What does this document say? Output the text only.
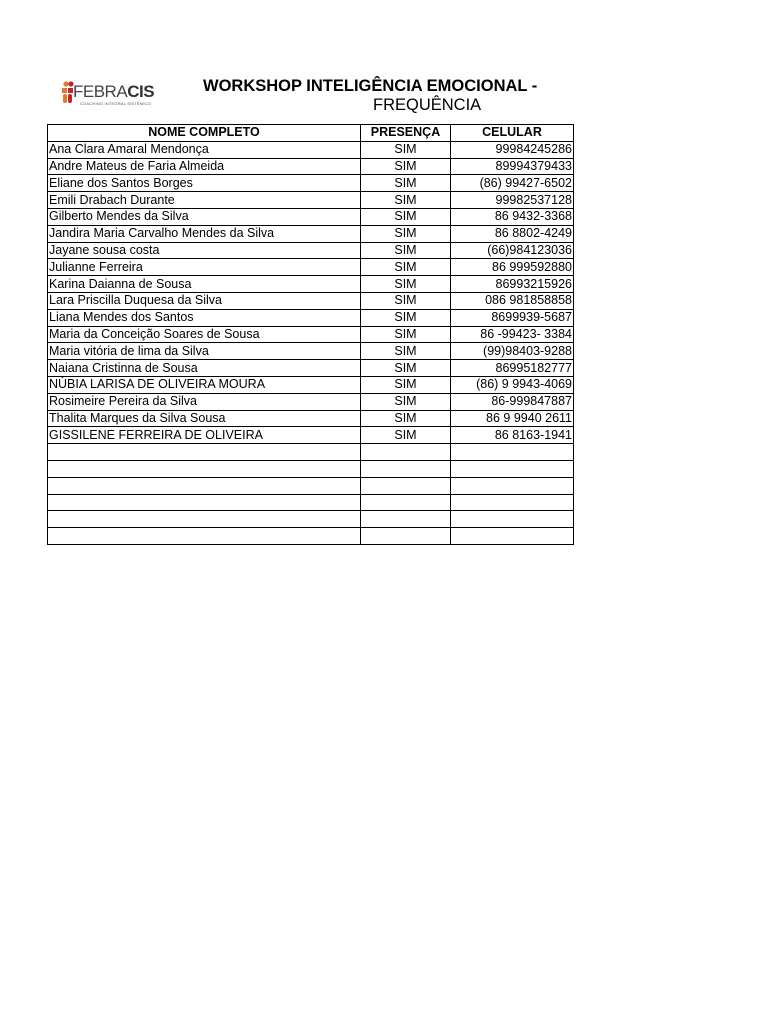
FEBRACIS
COACHING INTEGRAL SISTÊMICO
WORKSHOP INTELIGÊNCIA EMOCIONAL -
FREQUÊNCIA
NOME COMPLETO	PRESENÇA	CELULAR
Ana Clara Amaral Mendonça	SIM	99984245286
Andre Mateus de Faria Almeida	SIM	89994379433
Eliane dos Santos Borges	SIM	(86) 99427-6502
Emili Drabach Durante	SIM	99982537128
Gilberto Mendes da Silva	SIM	86 9432-3368
Jandira Maria Carvalho Mendes da Silva	SIM	86 8802-4249
Jayane sousa costa	SIM	(66)984123036
Julianne Ferreira	SIM	86 999592880
Karina Daianna de Sousa	SIM	86993215926
Lara Priscilla Duquesa da Silva	SIM	086 981858858
Liana Mendes dos Santos	SIM	8699939-5687
Maria da Conceição Soares de Sousa	SIM	86 -99423- 3384
Maria vitória de lima da Silva	SIM	(99)98403-9288
Naiana Cristinna de Sousa	SIM	86995182777
NÚBIA LARISA DE OLIVEIRA MOURA	SIM	(86) 9 9943-4069
Rosimeire Pereira da Silva	SIM	86-999847887
Thalita Marques da Silva Sousa	SIM	86 9 9940 2611
GISSILENE FERREIRA DE OLIVEIRA	SIM	86 8163-1941
